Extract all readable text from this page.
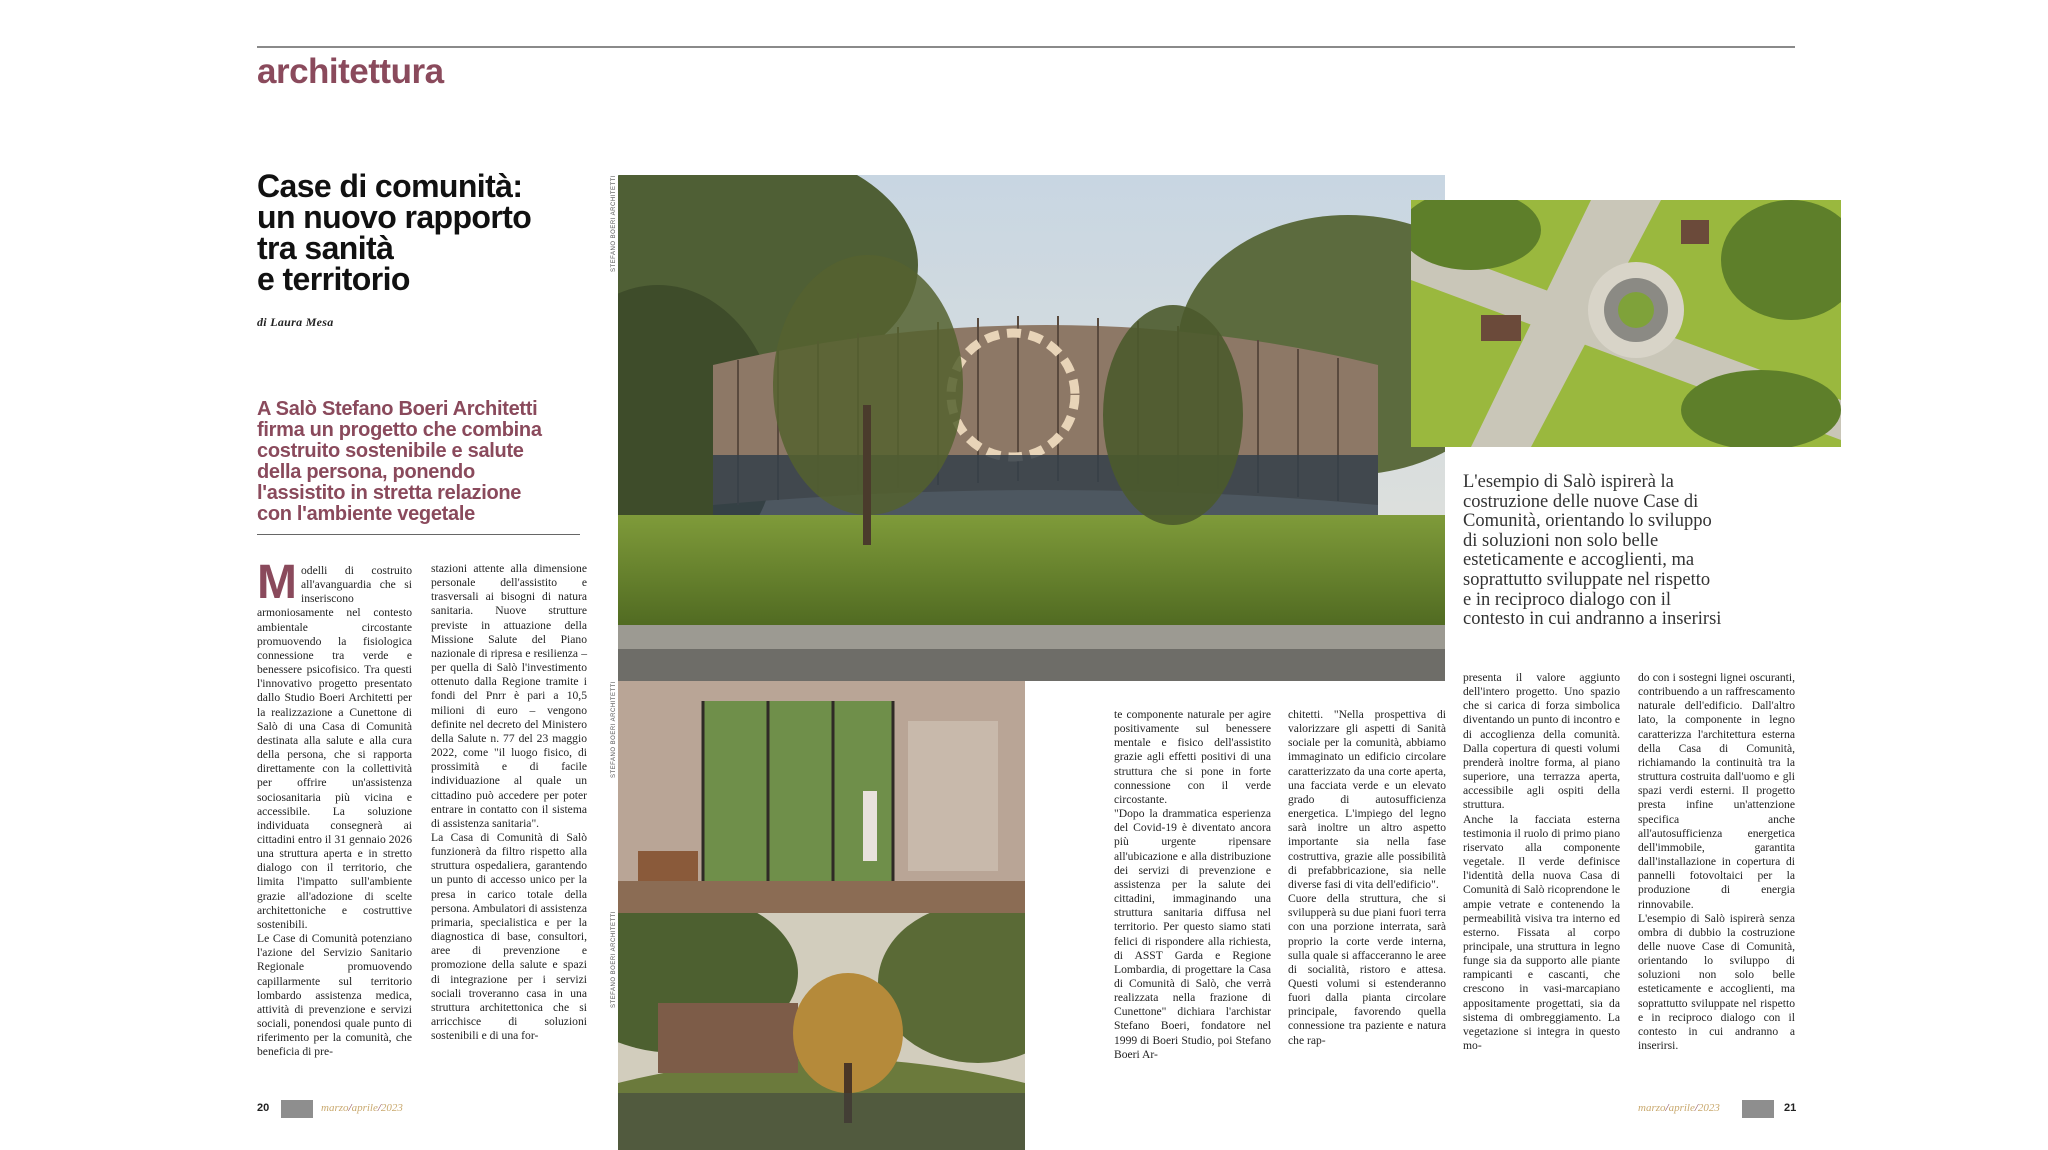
architettura
Case di comunità:
un nuovo rapporto
tra sanità
e territorio
di Laura Mesa
A Salò Stefano Boeri Architetti
firma un progetto che combina
costruito sostenibile e salute
della persona, ponendo
l'assistito in stretta relazione
con l'ambiente vegetale

Modelli di costruito all'avanguardia che si inseriscono armoniosamente nel contesto ambientale circostante promuovendo la fisiologica connessione tra verde e benessere psicofisico. Tra questi l'innovativo progetto presentato dallo Studio Boeri Architetti per la realizzazione a Cunettone di Salò di una Casa di Comunità destinata alla salute e alla cura della persona, che si rapporta direttamente con la collettività per offrire un'assistenza sociosanitaria più vicina e accessibile. La soluzione individuata consegnerà ai cittadini entro il 31 gennaio 2026 una struttura aperta e in stretto dialogo con il territorio, che limita l'impatto sull'ambiente grazie all'adozione di scelte architettoniche e costruttive sostenibili.

Le Case di Comunità potenziano l'azione del Servizio Sanitario Regionale promuovendo capillarmente sul territorio lombardo assistenza medica, attività di prevenzione e servizi sociali, ponendosi quale punto di riferimento per la comunità, che beneficia di pre-

stazioni attente alla dimensione personale dell'assistito e trasversali ai bisogni di natura sanitaria. Nuove strutture previste in attuazione della Missione Salute del Piano nazionale di ripresa e resilienza – per quella di Salò l'investimento ottenuto dalla Regione tramite i fondi del Pnrr è pari a 10,5 milioni di euro – vengono definite nel decreto del Ministero della Salute n. 77 del 23 maggio 2022, come "il luogo fisico, di prossimità e di facile individuazione al quale un cittadino può accedere per poter entrare in contatto con il sistema di assistenza sanitaria".

La Casa di Comunità di Salò funzionerà da filtro rispetto alla struttura ospedaliera, garantendo un punto di accesso unico per la presa in carico totale della persona. Ambulatori di assistenza primaria, specialistica e per la diagnostica di base, consultori, aree di prevenzione e promozione della salute e spazi di integrazione per i servizi sociali troveranno casa in una struttura architettonica che si arricchisce di soluzioni sostenibili e di una for-

STEFANO BOERI ARCHITETTI
STEFANO BOERI ARCHITETTI
STEFANO BOERI ARCHITETTI
L'esempio di Salò ispirerà la
costruzione delle nuove Case di
Comunità, orientando lo sviluppo
di soluzioni non solo belle
esteticamente e accoglienti, ma
soprattutto sviluppate nel rispetto
e in reciproco dialogo con il
contesto in cui andranno a inserirsi

te componente naturale per agire positivamente sul benessere mentale e fisico dell'assistito grazie agli effetti positivi di una struttura che si pone in forte connessione con il verde circostante.

"Dopo la drammatica esperienza del Covid-19 è diventato ancora più urgente ripensare all'ubicazione e alla distribuzione dei servizi di prevenzione e assistenza per la salute dei cittadini, immaginando una struttura sanitaria diffusa nel territorio. Per questo siamo stati felici di rispondere alla richiesta, di ASST Garda e Regione Lombardia, di progettare la Casa di Comunità di Salò, che verrà realizzata nella frazione di Cunettone" dichiara l'archistar Stefano Boeri, fondatore nel 1999 di Boeri Studio, poi Stefano Boeri Ar-

chitetti. "Nella prospettiva di valorizzare gli aspetti di Sanità sociale per la comunità, abbiamo immaginato un edificio circolare caratterizzato da una corte aperta, una facciata verde e un elevato grado di autosufficienza energetica. L'impiego del legno sarà inoltre un altro aspetto importante sia nella fase costruttiva, grazie alle possibilità di prefabbricazione, sia nelle diverse fasi di vita dell'edificio".

Cuore della struttura, che si svilupperà su due piani fuori terra con una porzione interrata, sarà proprio la corte verde interna, sulla quale si affacceranno le aree di socialità, ristoro e attesa. Questi volumi si estenderanno fuori dalla pianta circolare principale, favorendo quella connessione tra paziente e natura che rap-

presenta il valore aggiunto dell'intero progetto. Uno spazio che si carica di forza simbolica diventando un punto di incontro e di accoglienza della comunità. Dalla copertura di questi volumi prenderà inoltre forma, al piano superiore, una terrazza aperta, accessibile agli ospiti della struttura.

Anche la facciata esterna testimonia il ruolo di primo piano riservato alla componente vegetale. Il verde definisce l'identità della nuova Casa di Comunità di Salò ricoprendone le ampie vetrate e contenendo la permeabilità visiva tra interno ed esterno. Fissata al corpo principale, una struttura in legno funge sia da supporto alle piante rampicanti e cascanti, che crescono in vasi-marcapiano appositamente progettati, sia da sistema di ombreggiamento. La vegetazione si integra in questo mo-

do con i sostegni lignei oscuranti, contribuendo a un raffrescamento naturale dell'edificio. Dall'altro lato, la componente in legno caratterizza l'architettura esterna della Casa di Comunità, richiamando la continuità tra la struttura costruita dall'uomo e gli spazi verdi esterni. Il progetto presta infine un'attenzione specifica anche all'autosufficienza energetica dell'immobile, garantita dall'installazione in copertura di pannelli fotovoltaici per la produzione di energia rinnovabile.

L'esempio di Salò ispirerà senza ombra di dubbio la costruzione delle nuove Case di Comunità, orientando lo sviluppo di soluzioni non solo belle esteticamente e accoglienti, ma soprattutto sviluppate nel rispetto e in reciproco dialogo con il contesto in cui andranno a inserirsi.

20	marzo/aprile/2023	marzo/aprile/2023	21
